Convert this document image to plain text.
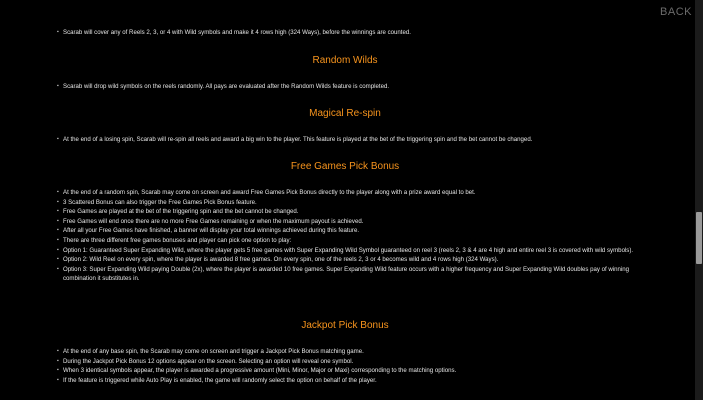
▪ Scarab will cover any of Reels 2, 3, or 4 with Wild symbols and make it 4 rows high (324 Ways), before the winnings are counted.
Random Wilds
▪ Scarab will drop wild symbols on the reels randomly. All pays are evaluated after the Random Wilds feature is completed.
Magical Re-spin
▪ At the end of a losing spin, Scarab will re-spin all reels and award a big win to the player. This feature is played at the bet of the triggering spin and the bet cannot be changed.
Free Games Pick Bonus
▪ At the end of a random spin, Scarab may come on screen and award Free Games Pick Bonus directly to the player along with a prize award equal to bet.
▪ 3 Scattered Bonus can also trigger the Free Games Pick Bonus feature.
▪ Free Games are played at the bet of the triggering spin and the bet cannot be changed.
▪ Free Games will end once there are no more Free Games remaining or when the maximum payout is achieved.
▪ After all your Free Games have finished, a banner will display your total winnings achieved during this feature.
▪ There are three different free games bonuses and player can pick one option to play:
▪ Option 1: Guaranteed Super Expanding Wild, where the player gets 5 free games with Super Expanding Wild Symbol guaranteed on reel 3 (reels 2, 3 & 4 are 4 high and entire reel 3 is covered with wild symbols).
▪ Option 2: Wild Reel on every spin, where the player is awarded 8 free games. On every spin, one of the reels 2, 3 or 4 becomes wild and 4 rows high (324 Ways).
▪ Option 3: Super Expanding Wild paying Double (2x), where the player is awarded 10 free games. Super Expanding Wild feature occurs with a higher frequency and Super Expanding Wild doubles pay of winning combination it substitutes in.
Jackpot Pick Bonus
▪ At the end of any base spin, the Scarab may come on screen and trigger a Jackpot Pick Bonus matching game.
▪ During the Jackpot Pick Bonus 12 options appear on the screen. Selecting an option will reveal one symbol.
▪ When 3 identical symbols appear, the player is awarded a progressive amount (Mini, Minor, Major or Maxi) corresponding to the matching options.
▪ If the feature is triggered while Auto Play is enabled, the game will randomly select the option on behalf of the player.
BACK
